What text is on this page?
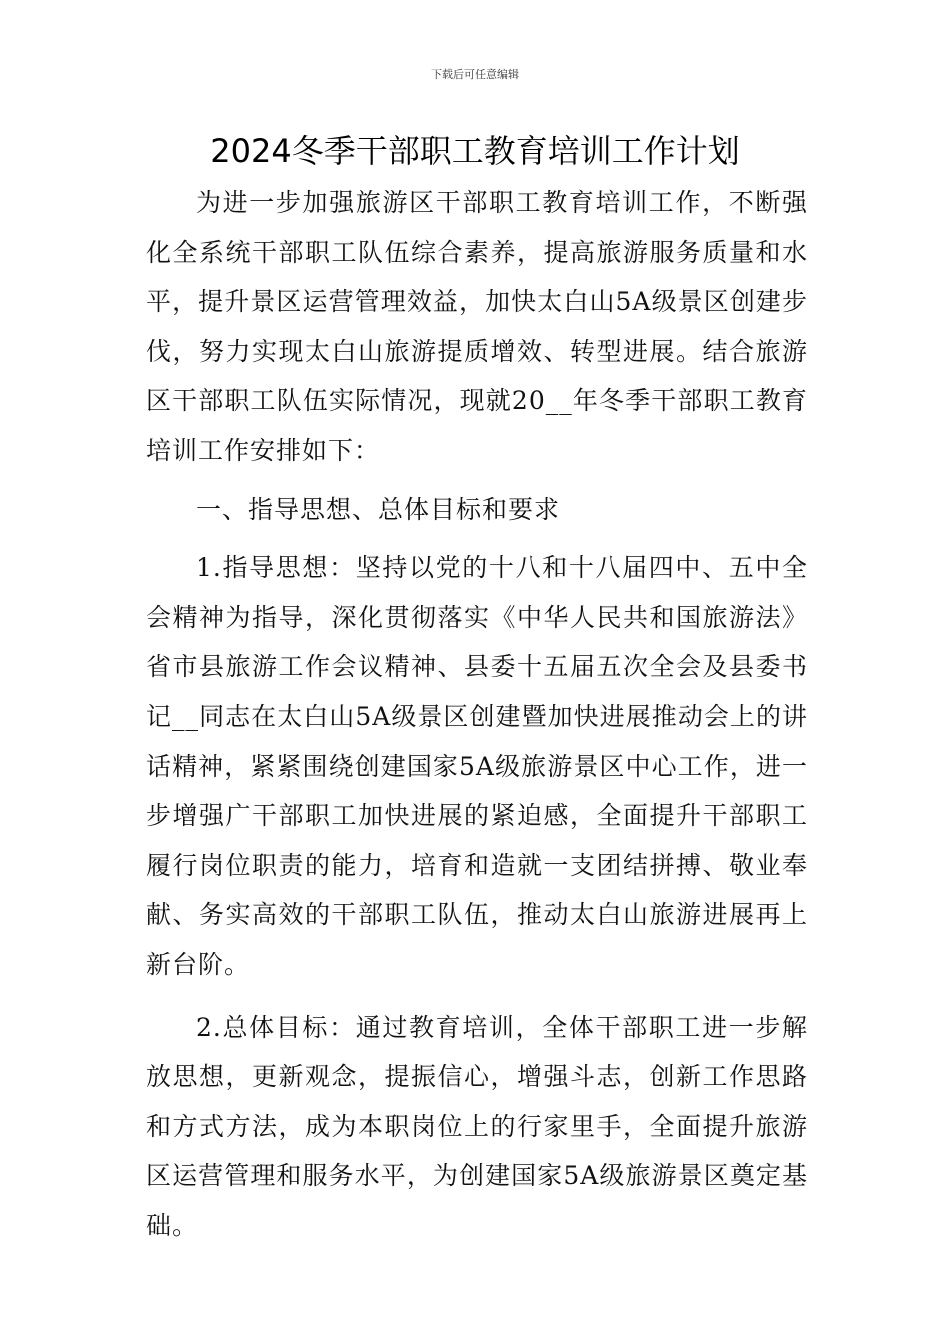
下载后可任意编辑
2024冬季干部职工教育培训工作计划

为进一步加强旅游区干部职工教育培训工作，不断强化全系统干部职工队伍综合素养，提高旅游服务质量和水平，提升景区运营管理效益，加快太白山5A级景区创建步伐，努力实现太白山旅游提质增效、转型进展。结合旅游区干部职工队伍实际情况，现就20__年冬季干部职工教育培训工作安排如下：

一、指导思想、总体目标和要求

1.指导思想：坚持以党的十八和十八届四中、五中全会精神为指导，深化贯彻落实《中华人民共和国旅游法》省市县旅游工作会议精神、县委十五届五次全会及县委书记__同志在太白山5A级景区创建暨加快进展推动会上的讲话精神，紧紧围绕创建国家5A级旅游景区中心工作，进一步增强广干部职工加快进展的紧迫感，全面提升干部职工履行岗位职责的能力，培育和造就一支团结拼搏、敬业奉献、务实高效的干部职工队伍，推动太白山旅游进展再上新台阶。

2.总体目标：通过教育培训，全体干部职工进一步解放思想，更新观念，提振信心，增强斗志，创新工作思路和方式方法，成为本职岗位上的行家里手，全面提升旅游区运营管理和服务水平，为创建国家5A级旅游景区奠定基础。
